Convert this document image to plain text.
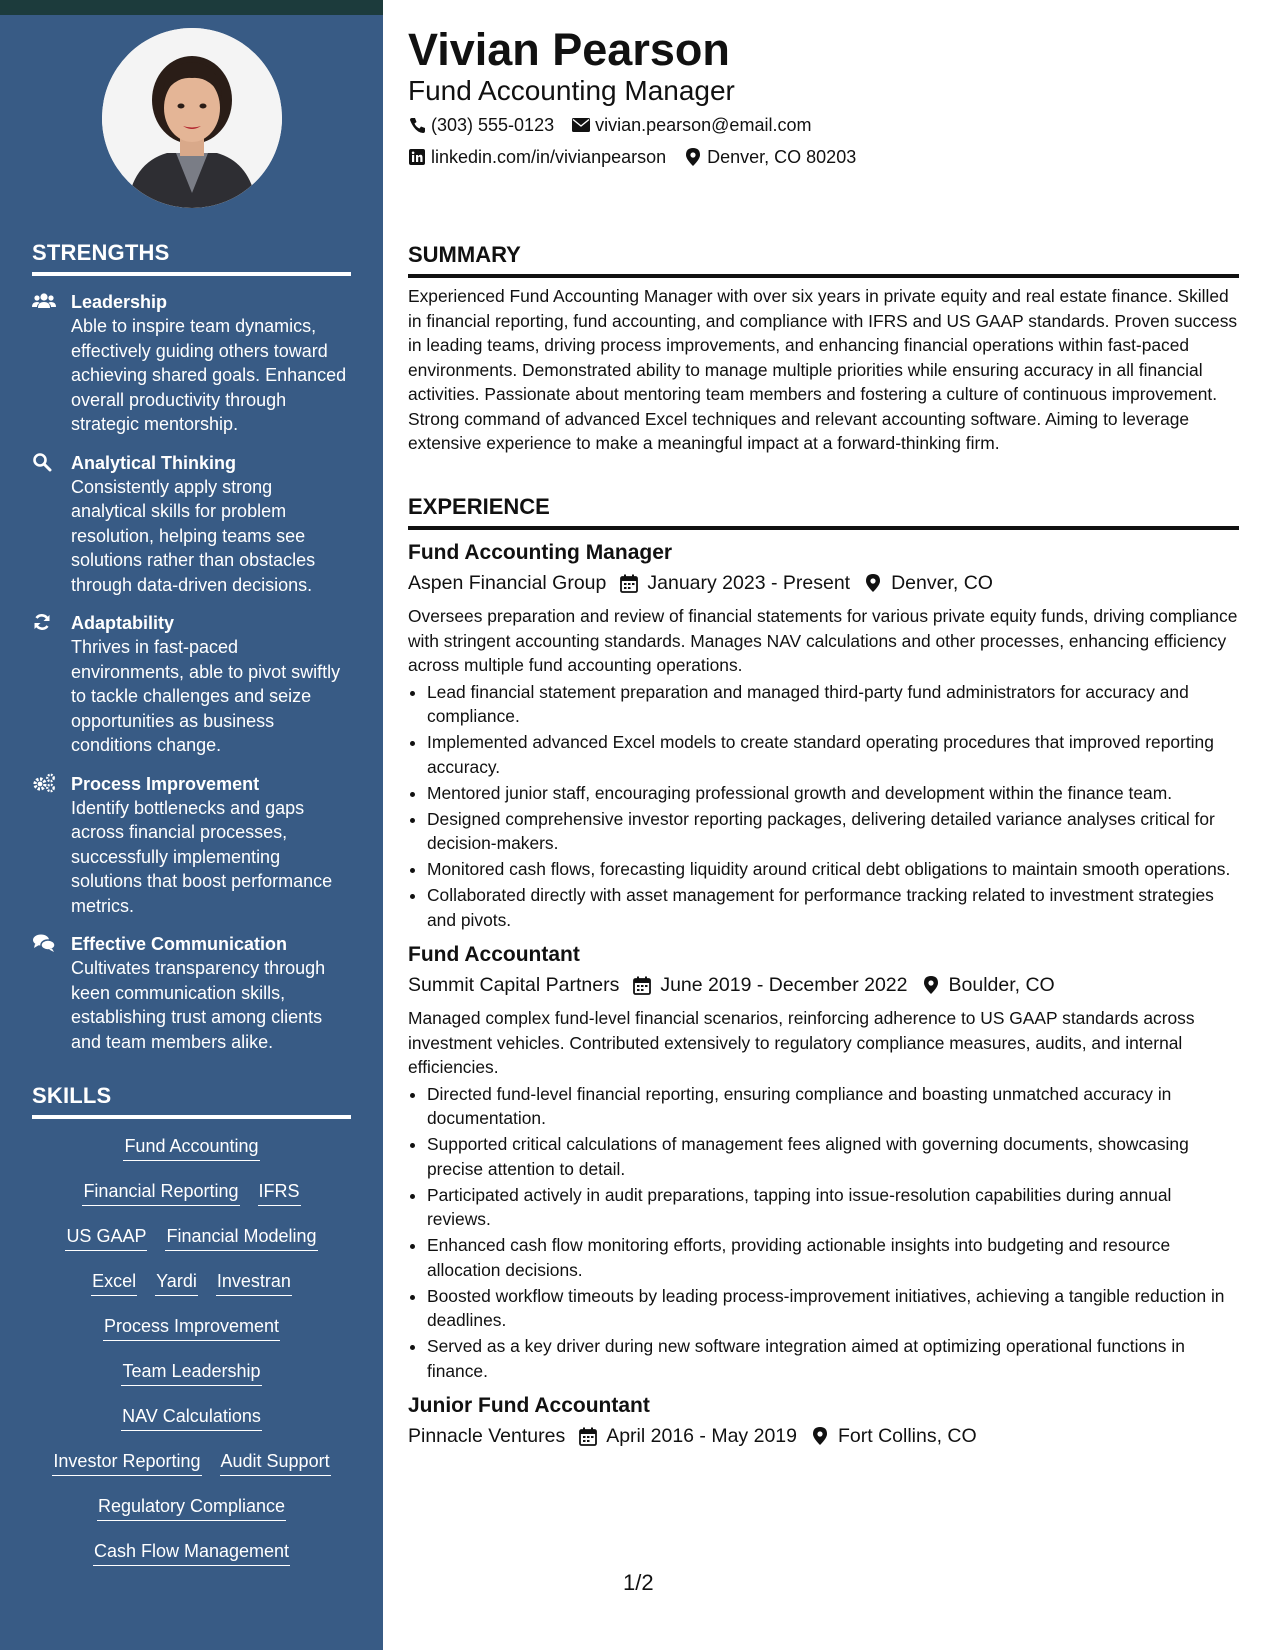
STRENGTHS
Leadership
Able to inspire team dynamics, effectively guiding others toward achieving shared goals. Enhanced overall productivity through strategic mentorship.
Analytical Thinking
Consistently apply strong analytical skills for problem resolution, helping teams see solutions rather than obstacles through data-driven decisions.
Adaptability
Thrives in fast-paced environments, able to pivot swiftly to tackle challenges and seize opportunities as business conditions change.
Process Improvement
Identify bottlenecks and gaps across financial processes, successfully implementing solutions that boost performance metrics.
Effective Communication
Cultivates transparency through keen communication skills, establishing trust among clients and team members alike.
SKILLS
Fund Accounting
Financial Reporting IFRS
US GAAP Financial Modeling
Excel Yardi Investran
Process Improvement
Team Leadership
NAV Calculations
Investor Reporting Audit Support
Regulatory Compliance
Cash Flow Management
Vivian Pearson
Fund Accounting Manager
(303) 555-0123 vivian.pearson@email.com
linkedin.com/in/vivianpearson Denver, CO 80203
SUMMARY

Experienced Fund Accounting Manager with over six years in private equity and real estate finance. Skilled in financial reporting, fund accounting, and compliance with IFRS and US GAAP standards. Proven success in leading teams, driving process improvements, and enhancing financial operations within fast-paced environments. Demonstrated ability to manage multiple priorities while ensuring accuracy in all financial activities. Passionate about mentoring team members and fostering a culture of continuous improvement. Strong command of advanced Excel techniques and relevant accounting software. Aiming to leverage extensive experience to make a meaningful impact at a forward-thinking firm.

EXPERIENCE
Fund Accounting Manager
Aspen Financial Group January 2023 - Present Denver, CO

Oversees preparation and review of financial statements for various private equity funds, driving compliance with stringent accounting standards. Manages NAV calculations and other processes, enhancing efficiency across multiple fund accounting operations.

• Lead financial statement preparation and managed third-party fund administrators for accuracy and compliance.
• Implemented advanced Excel models to create standard operating procedures that improved reporting accuracy.
• Mentored junior staff, encouraging professional growth and development within the finance team.
• Designed comprehensive investor reporting packages, delivering detailed variance analyses critical for decision-makers.
• Monitored cash flows, forecasting liquidity around critical debt obligations to maintain smooth operations.
• Collaborated directly with asset management for performance tracking related to investment strategies and pivots.
Fund Accountant
Summit Capital Partners June 2019 - December 2022 Boulder, CO

Managed complex fund-level financial scenarios, reinforcing adherence to US GAAP standards across investment vehicles. Contributed extensively to regulatory compliance measures, audits, and internal efficiencies.

• Directed fund-level financial reporting, ensuring compliance and boasting unmatched accuracy in documentation.
• Supported critical calculations of management fees aligned with governing documents, showcasing precise attention to detail.
• Participated actively in audit preparations, tapping into issue-resolution capabilities during annual reviews.
• Enhanced cash flow monitoring efforts, providing actionable insights into budgeting and resource allocation decisions.
• Boosted workflow timeouts by leading process-improvement initiatives, achieving a tangible reduction in deadlines.
• Served as a key driver during new software integration aimed at optimizing operational functions in finance.
Junior Fund Accountant
Pinnacle Ventures April 2016 - May 2019 Fort Collins, CO
1/2
